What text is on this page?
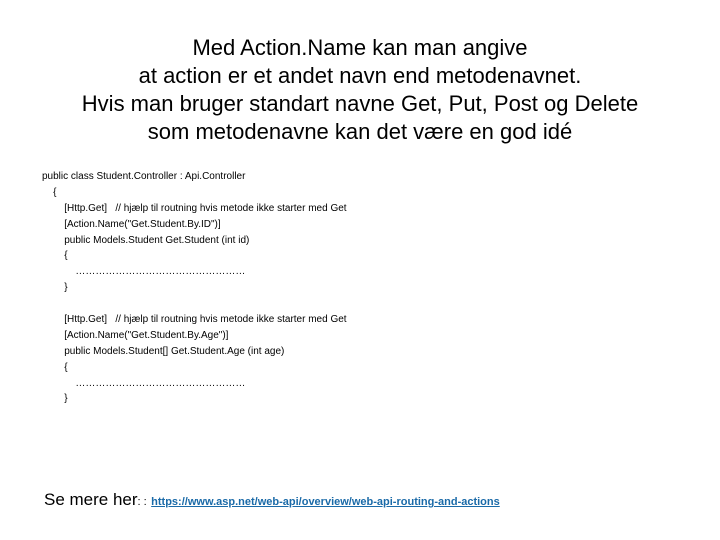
Med Action.Name kan man angive
at action er et andet navn end metodenavnet.
Hvis man bruger standart navne Get, Put, Post og Delete
som metodenavne kan det være en god idé
public class Student.Controller : Api.Controller
{
[Http.Get]   // hjælp til routning hvis metode ikke starter med Get
[Action.Name("Get.Student.By.ID")]
public Models.Student Get.Student (int id)
{
……………………………………………
}
[Http.Get]   // hjælp til routning hvis metode ikke starter med Get
[Action.Name("Get.Student.By.Age")]
public Models.Student[] Get.Student.Age (int age)
{
……………………………………………
}
Se mere her: : https://www.asp.net/web-api/overview/web-api-routing-and-actions
